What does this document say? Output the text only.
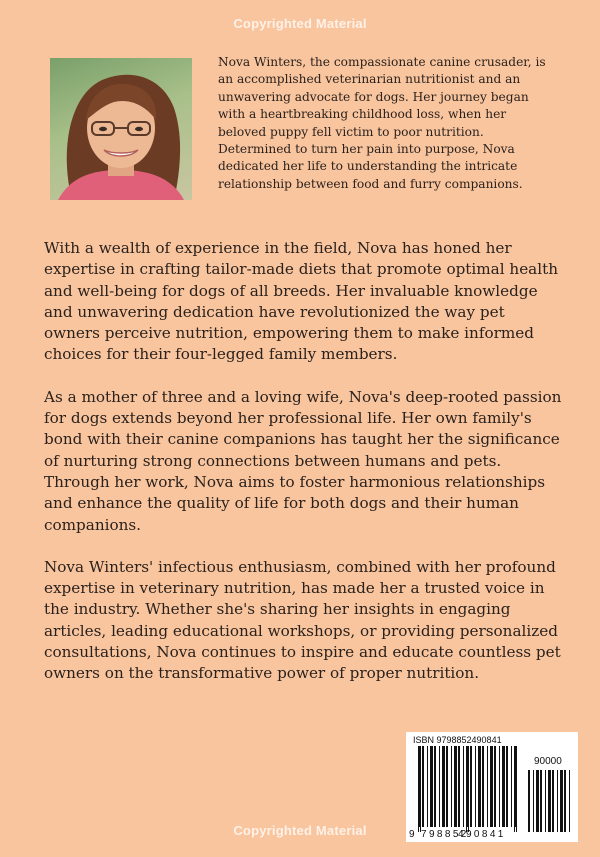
Copyrighted Material

Nova Winters, the compassionate canine crusader, is an accomplished veterinarian nutritionist and an unwavering advocate for dogs. Her journey began with a heartbreaking childhood loss, when her beloved puppy fell victim to poor nutrition. Determined to turn her pain into purpose, Nova dedicated her life to understanding the intricate relationship between food and furry companions.

With a wealth of experience in the field, Nova has honed her expertise in crafting tailor-made diets that promote optimal health and well-being for dogs of all breeds. Her invaluable knowledge and unwavering dedication have revolutionized the way pet owners perceive nutrition, empowering them to make informed choices for their four-legged family members.

As a mother of three and a loving wife, Nova's deep-rooted passion for dogs extends beyond her professional life. Her own family's bond with their canine companions has taught her the significance of nurturing strong connections between humans and pets. Through her work, Nova aims to foster harmonious relationships and enhance the quality of life for both dogs and their human companions.

Nova Winters' infectious enthusiasm, combined with her profound expertise in veterinary nutrition, has made her a trusted voice in the industry. Whether she's sharing her insights in engaging articles, leading educational workshops, or providing personalized consultations, Nova continues to inspire and educate countless pet owners on the transformative power of proper nutrition.

ISBN 9798852490841
90000
9 798852
490841
Copyrighted Material
